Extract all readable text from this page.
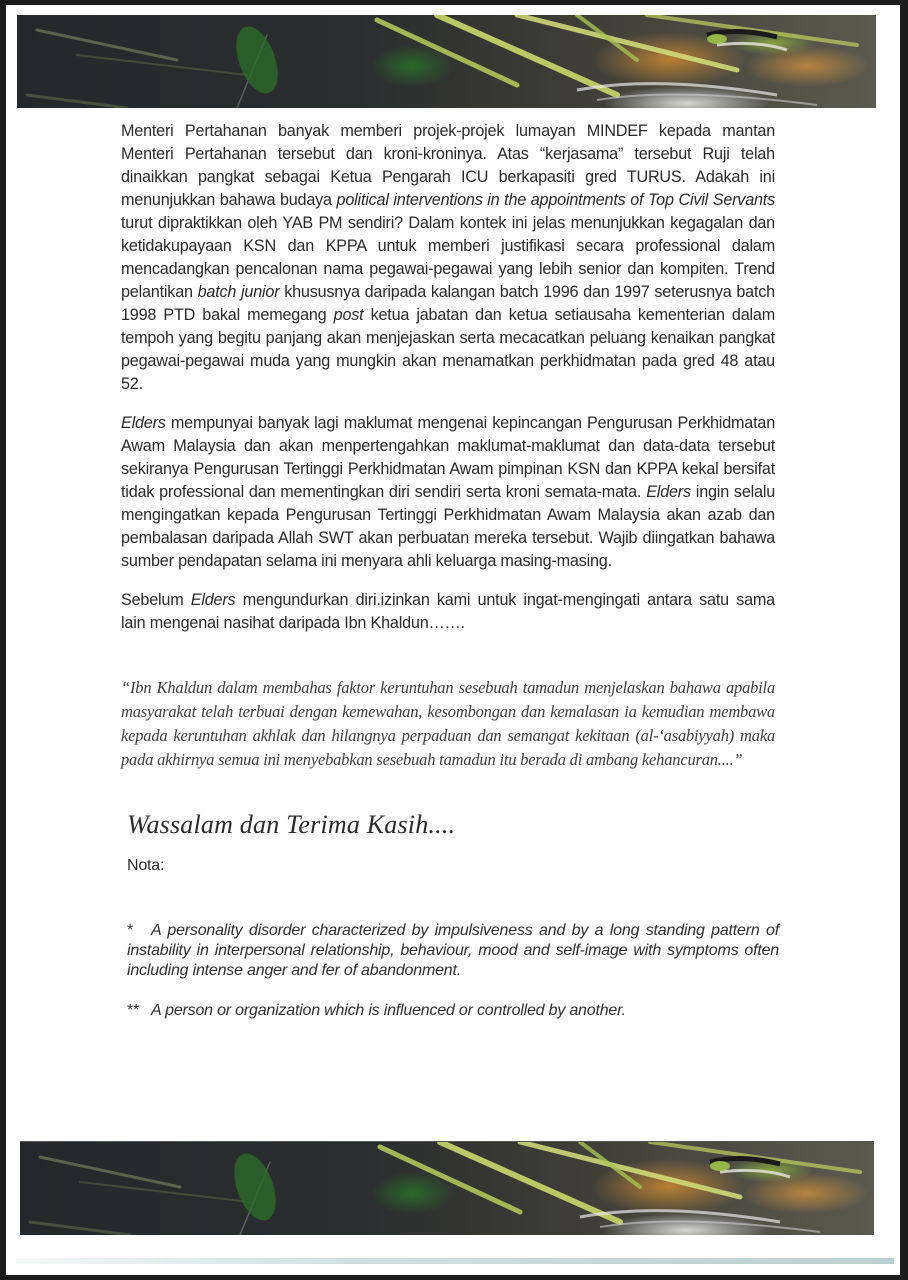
Menteri Pertahanan banyak memberi projek-projek lumayan MINDEF kepada mantan Menteri Pertahanan tersebut dan kroni-kroninya. Atas “kerjasama” tersebut Ruji telah dinaikkan pangkat sebagai Ketua Pengarah ICU berkapasiti gred TURUS. Adakah ini menunjukkan bahawa budaya political interventions in the appointments of Top Civil Servants turut dipraktikkan oleh YAB PM sendiri? Dalam kontek ini jelas menunjukkan kegagalan dan ketidakupayaan KSN dan KPPA untuk memberi justifikasi secara professional dalam mencadangkan pencalonan nama pegawai-pegawai yang lebih senior dan kompiten. Trend pelantikan batch junior khususnya daripada kalangan batch 1996 dan 1997 seterusnya batch 1998 PTD bakal memegang post ketua jabatan dan ketua setiausaha kementerian dalam tempoh yang begitu panjang akan menjejaskan serta mecacatkan peluang kenaikan pangkat pegawai-pegawai muda yang mungkin akan menamatkan perkhidmatan pada gred 48 atau 52.

Elders mempunyai banyak lagi maklumat mengenai kepincangan Pengurusan Perkhidmatan Awam Malaysia dan akan menpertengahkan maklumat-maklumat dan data-data tersebut sekiranya Pengurusan Tertinggi Perkhidmatan Awam pimpinan KSN dan KPPA kekal bersifat tidak professional dan mementingkan diri sendiri serta kroni semata-mata. Elders ingin selalu mengingatkan kepada Pengurusan Tertinggi Perkhidmatan Awam Malaysia akan azab dan pembalasan daripada Allah SWT akan perbuatan mereka tersebut. Wajib diingatkan bahawa sumber pendapatan selama ini menyara ahli keluarga masing-masing.

Sebelum Elders mengundurkan diri.izinkan kami untuk ingat-mengingati antara satu sama lain mengenai nasihat daripada Ibn Khaldun…….

“Ibn Khaldun dalam membahas faktor keruntuhan sesebuah tamadun menjelaskan bahawa apabila masyarakat telah terbuai dengan kemewahan, kesombongan dan kemalasan ia kemudian membawa kepada keruntuhan akhlak dan hilangnya perpaduan dan semangat kekitaan (al-‘asabiyyah) maka pada akhirnya semua ini menyebabkan sesebuah tamadun itu berada di ambang kehancuran....”

Wassalam dan Terima Kasih....
Nota:

* A personality disorder characterized by impulsiveness and by a long standing pattern of instability in interpersonal relationship, behaviour, mood and self-image with symptoms often including intense anger and fer of abandonment.

** A person or organization which is influenced or controlled by another.
